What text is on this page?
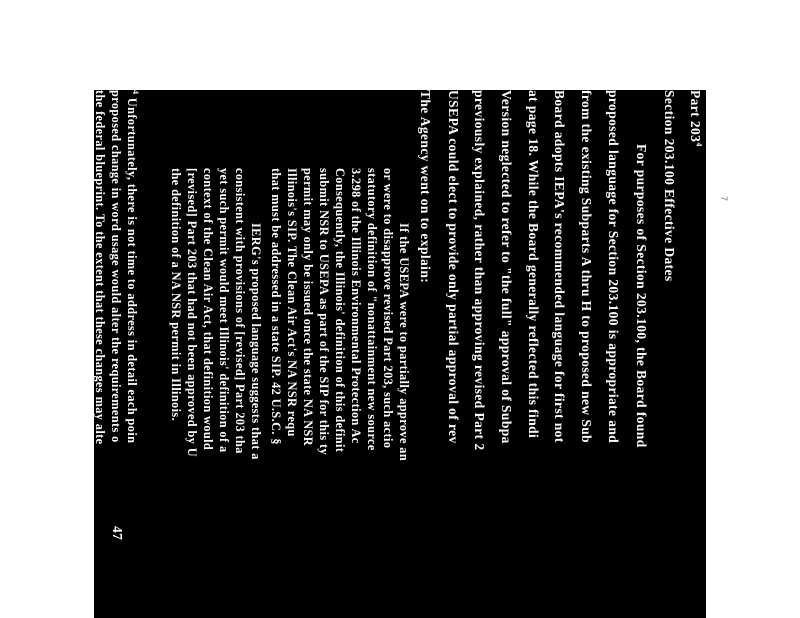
7
Part $203^4$
Section 203.100 Effective Dates
For purposes of Section 203.100, the Board found
proposed language for Section 203.100 is appropriate and
from the existing Subparts A thru H to proposed new Sub
Board adopts IEPA's recommended language for first not
at page 18. While the Board generally reflected this findi
Version neglected to refer to "the full" approval of Subpa
previously explained, rather than approving revised Part 2
USEPA could elect to provide only partial approval of rev
The Agency went on to explain:
If the USEPA were to partially approve an
or were to disapprove revised Part 203, such actio
statutory definition of "nonattainment new source
3.298 of the Illinois Environmental Protection Ac
Consequently, the Illinois' definition of this definit
submit NSR to USEPA as part of the SIP for this ty
permit may only be issued once the state NA NSR
Illinois's SIP. The Clean Air Act's NA NSR requ
that must be addressed in a state SIP. 42 U.S.C. §
IERG's proposed language suggests that a
consistent with provisions of [revised] Part 203 tha
yet such permit would meet Illinois' definition of a
context of the Clean Air Act, that definition would
[revised] Part 203 that had not been approved by U
the definition of a NA NSR permit in Illinois.
$^4$ Unfortunately, there is not time to address in detail each poin
proposed change in word usage would alter the requirements o
the federal blueprint. To the extent that these changes may alte
USEPA's requirements in 40 CFR 51.165, they threaten disapp
Illinois SIP. In any case, unexplained changes to Part 203 may
blueprint. IEPA Jan. 2017 at 4. In each instance that the Part Not
blueprint, the Board should make explicit its consideration and
federal blueprint.
47
